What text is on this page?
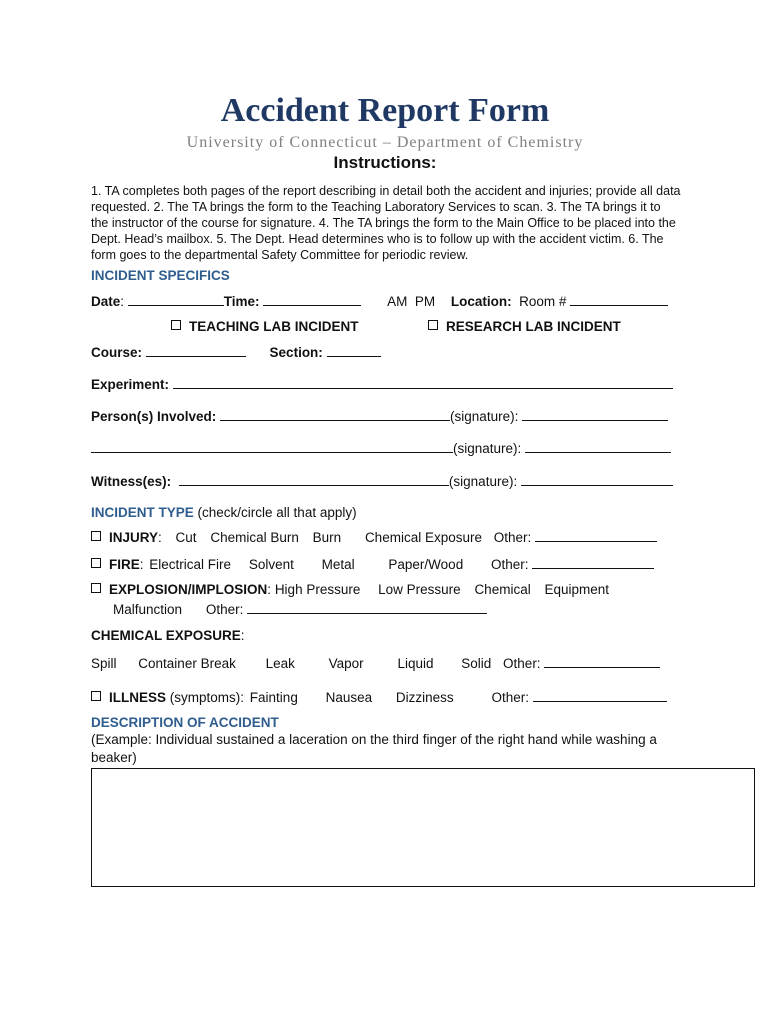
Accident Report Form
University of Connecticut – Department of Chemistry
Instructions:
1. TA completes both pages of the report describing in detail both the accident and injuries; provide all data requested. 2. The TA brings the form to the Teaching Laboratory Services to scan. 3. The TA brings it to the instructor of the course for signature. 4. The TA brings the form to the Main Office to be placed into the Dept. Head’s mailbox. 5. The Dept. Head determines who is to follow up with the accident victim. 6. The form goes to the departmental Safety Committee for periodic review.
INCIDENT SPECIFICS
Date:	Time:	AM PM Location: Room #
TEACHING LAB INCIDENT	RESEARCH LAB INCIDENT
Course:	Section:
Experiment:
Person(s) Involved:	(signature):
(signature):
Witness(es):	(signature):
INCIDENT TYPE (check/circle all that apply)
INJURY: Cut Chemical Burn Burn Chemical Exposure Other:
FIRE: Electrical Fire Solvent Metal	Paper/Wood Other:
EXPLOSION/IMPLOSION: High Pressure Low Pressure Chemical Equipment
Malfunction Other:
CHEMICAL EXPOSURE:
Spill Container Break Leak	Vapor	Liquid Solid Other:
ILLNESS (symptoms): Fainting Nausea Dizziness	Other:
DESCRIPTION OF ACCIDENT
(Example: Individual sustained a laceration on the third finger of the right hand while washing a beaker)
